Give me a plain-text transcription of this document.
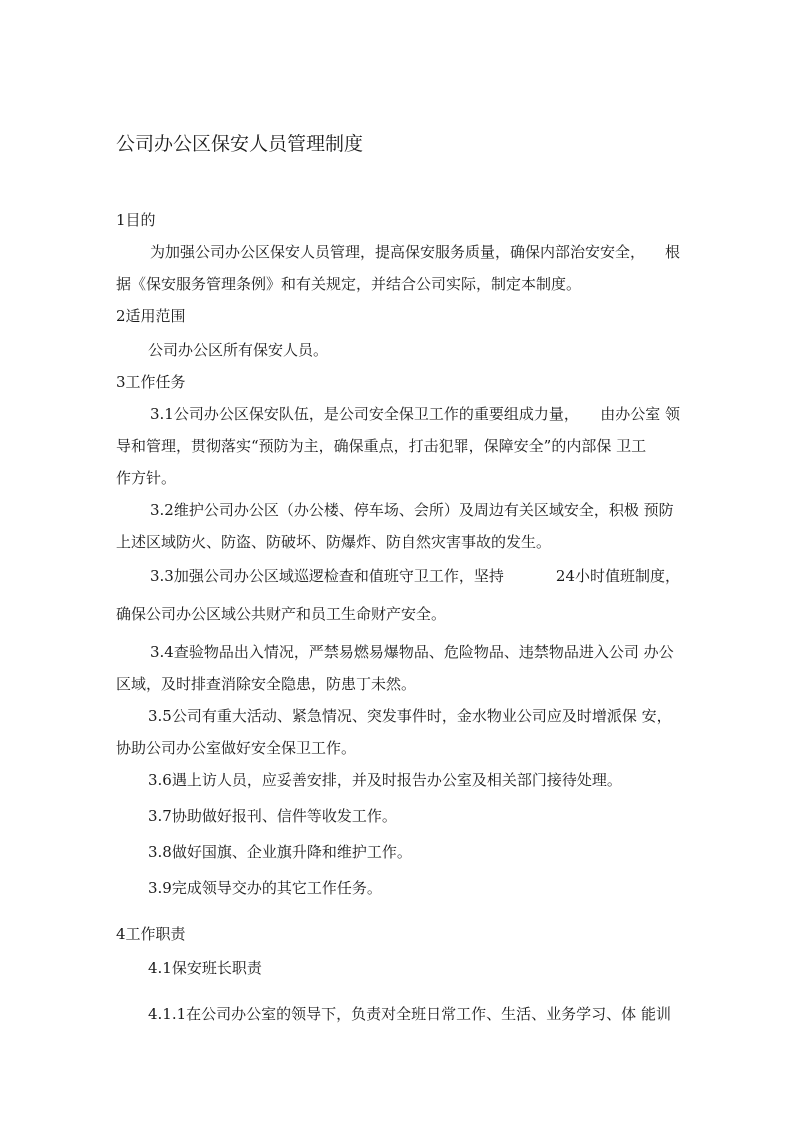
公司办公区保安人员管理制度
1目的
为加强公司办公区保安人员管理，提高保安服务质量，确保内部治安安全， 根
据《保安服务管理条例》和有关规定，并结合公司实际，制定本制度。
2适用范围
公司办公区所有保安人员。
3工作任务
3.1公司办公区保安队伍，是公司安全保卫工作的重要组成力量， 由办公室 领
导和管理，贯彻落实“预防为主，确保重点，打击犯罪，保障安全”的内部保 卫工
作方针。
3.2维护公司办公区（办公楼、停车场、会所）及周边有关区域安全，积极 预防
上述区域防火、防盗、防破坏、防爆炸、防自然灾害事故的发生。
3.3加强公司办公区域巡逻检查和值班守卫工作，坚持	24小时值班制度，
确保公司办公区域公共财产和员工生命财产安全。
3.4查验物品出入情况，严禁易燃易爆物品、危险物品、违禁物品进入公司 办公
区域，及时排查消除安全隐患，防患丁未然。
3.5公司有重大活动、紧急情况、突发事件时，金水物业公司应及时增派保 安，
协助公司办公室做好安全保卫工作。
3.6遇上访人员，应妥善安排，并及时报告办公室及相关部门接待处理。
3.7协助做好报刊、信件等收发工作。
3.8做好国旗、企业旗升降和维护工作。
3.9完成领导交办的其它工作任务。
4工作职责
4.1保安班长职责
4.1.1在公司办公室的领导下，负责对全班日常工作、生活、业务学习、体 能训
